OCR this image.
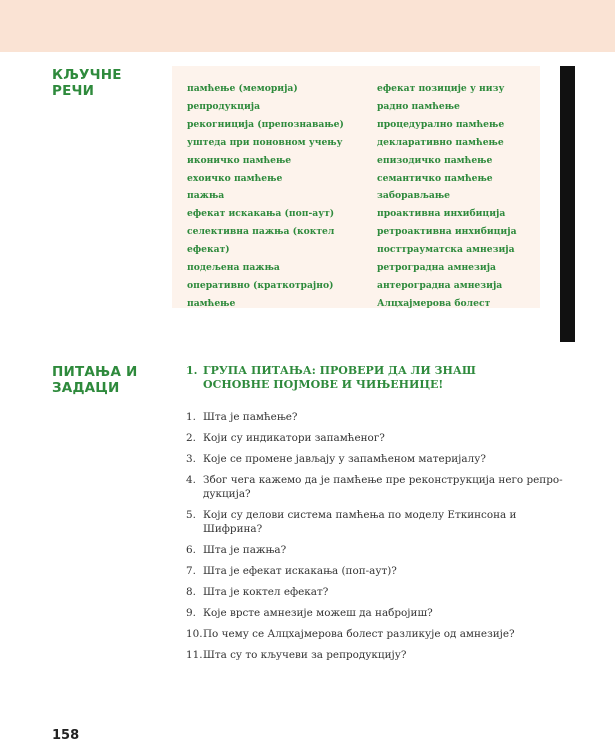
КЉУЧНЕ
РЕЧИ	памћење (меморија)
репродукција
рекогниција (препознавање)
уштеда при поновном учењу
иконичко памћење
ехоичко памћење
пажња
ефекат искакања (поп-аут)
селективна пажња (коктел
ефекат)
подељена пажња
оперативно (краткотрајно)
памћење
ефекат позиције у низу
радно памћење
процедурално памћење
декларативно памћење
епизодичко памћење
семантичко памћење
заборављање
проактивна инхибиција
ретроактивна инхибиција
посттрауматска амнезија
ретроградна амнезија
антероградна амнезија
Алцхајмерова болест
ПИТАЊА И
ЗАДАЦИ
1. ГРУПА ПИТАЊА: ПРОВЕРИ ДА ЛИ ЗНАШ
ОСНОВНЕ ПОЈМОВЕ И ЧИЊЕНИЦЕ!
1. Шта је памћење?
2. Који су индикатори запамћеног?
3. Које се промене јављају у запамћеном материјалу?
4. Због чега кажемо да је памћење пре реконструкција него репро-дукција?
5. Који су делови система памћења по моделу Еткинсона и Шифрина?
6. Шта је пажња?
7. Шта је ефекат искакања (поп-аут)?
8. Шта је коктел ефекат?
9. Које врсте амнезије можеш да набројиш?
10. По чему се Алцхајмерова болест разликује од амнезије?
11. Шта су то кључеви за репродукцију?
158
